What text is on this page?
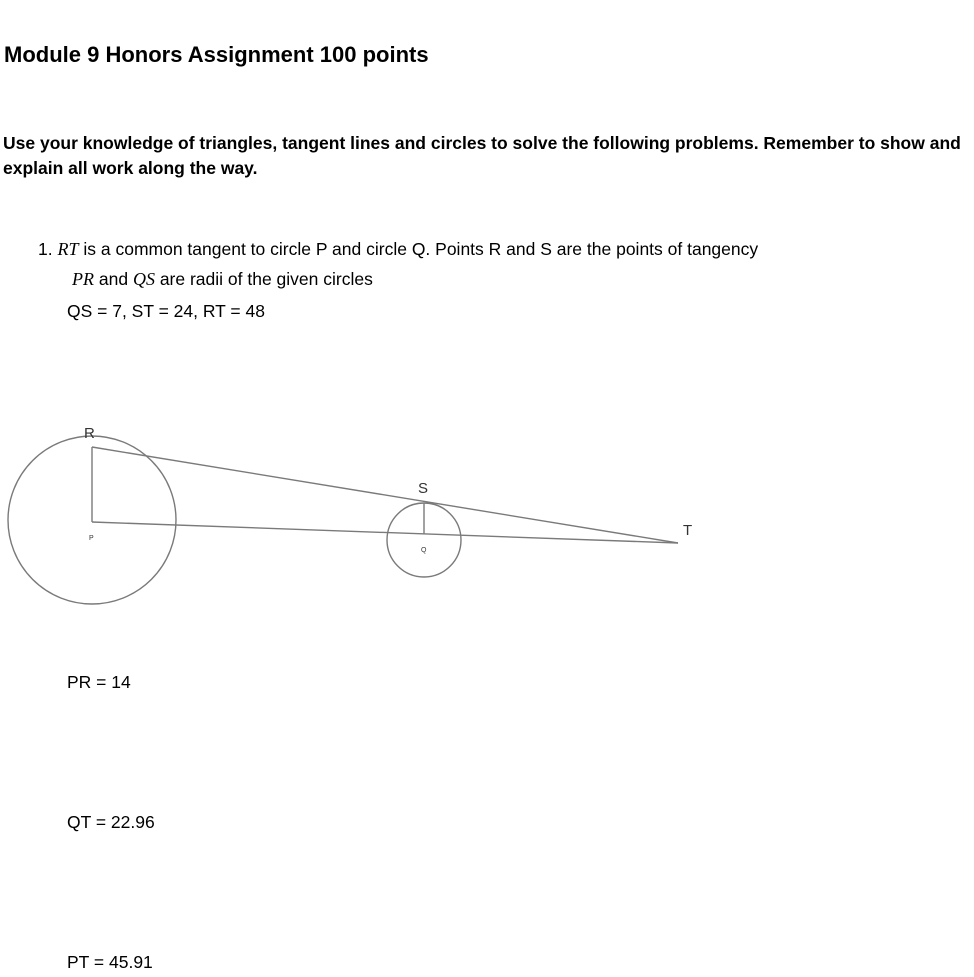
Module 9 Honors Assignment 100 points
Use your knowledge of triangles, tangent lines and circles to solve the following problems. Remember to show and explain all work along the way.
1. RT is a common tangent to circle P and circle Q. Points R and S are the points of tangency
PR and QS are radii of the given circles
QS = 7, ST = 24, RT = 48
R
S
T
P
Q
PR = 14
QT = 22.96
PT = 45.91
